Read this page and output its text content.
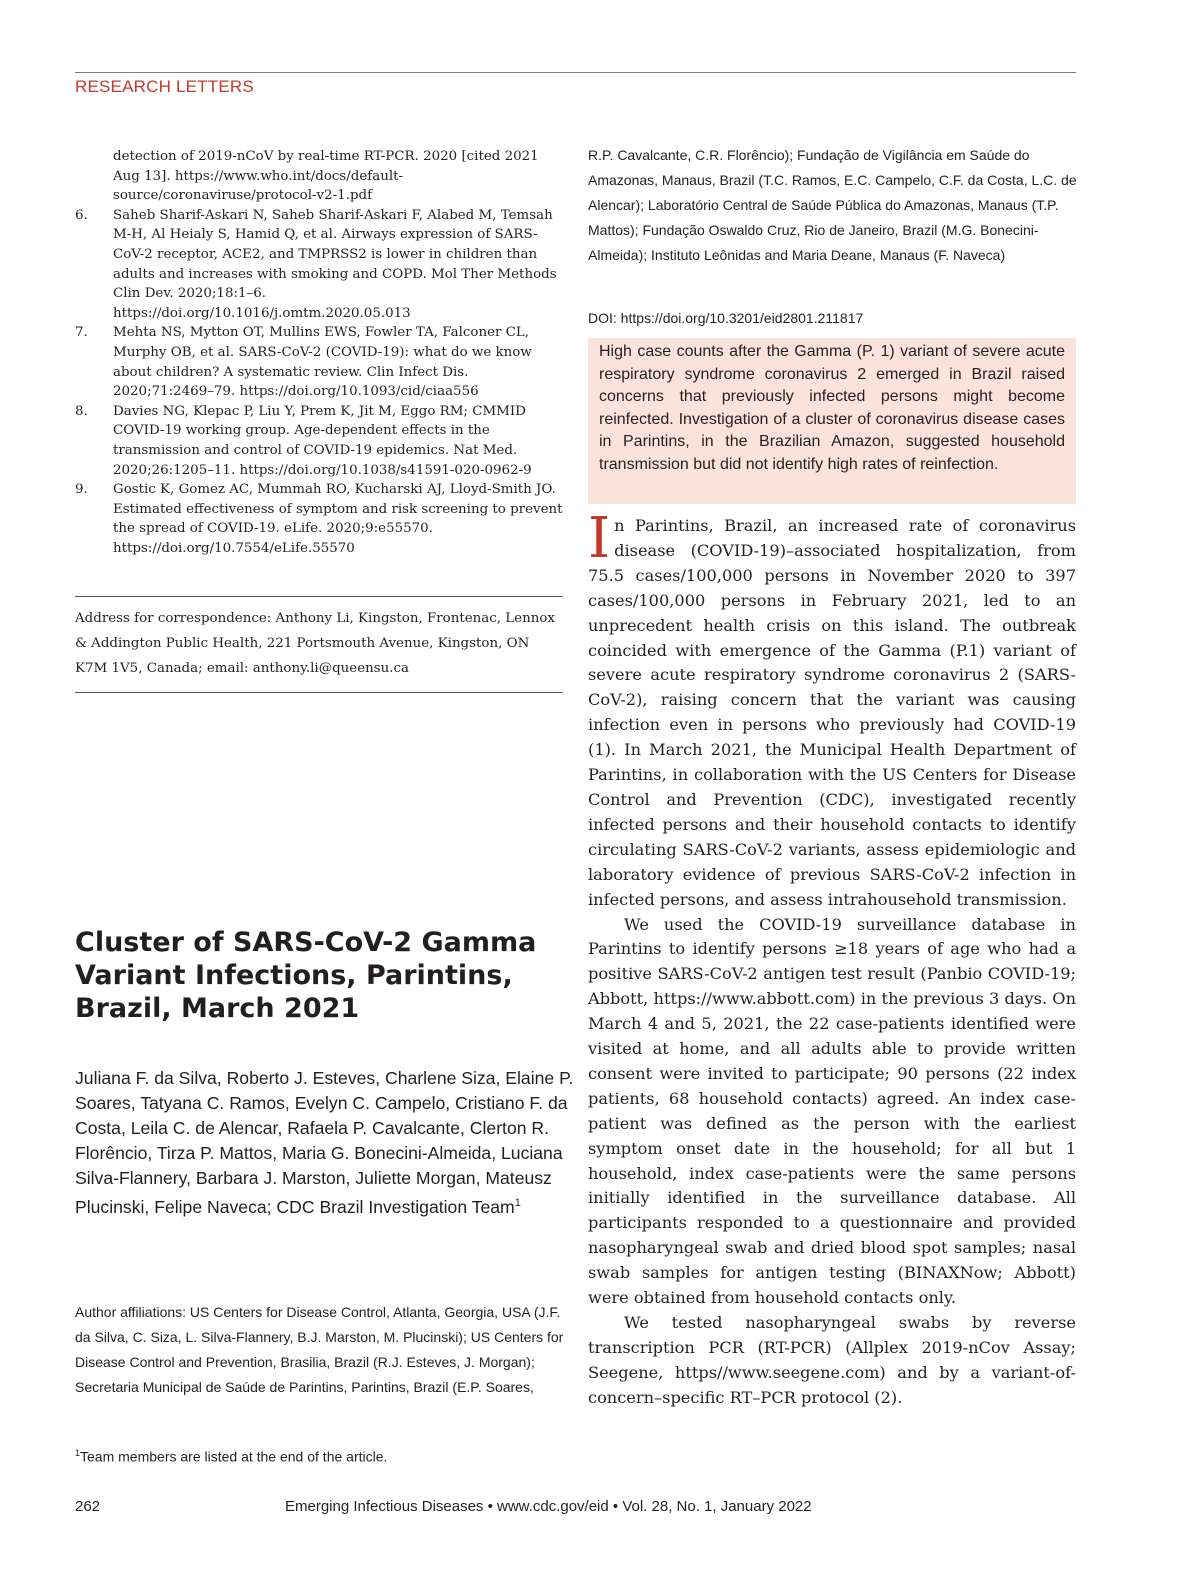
RESEARCH LETTERS
detection of 2019-nCoV by real-time RT-PCR. 2020 [cited 2021 Aug 13]. https://www.who.int/docs/default-source/coronaviruse/protocol-v2-1.pdf
6.	Saheb Sharif-Askari N, Saheb Sharif-Askari F, Alabed M, Temsah M-H, Al Heialy S, Hamid Q, et al. Airways expression of SARS-CoV-2 receptor, ACE2, and TMPRSS2 is lower in children than adults and increases with smoking and COPD. Mol Ther Methods Clin Dev. 2020;18:1–6. https://doi.org/10.1016/j.omtm.2020.05.013
7.	Mehta NS, Mytton OT, Mullins EWS, Fowler TA, Falconer CL, Murphy OB, et al. SARS-CoV-2 (COVID-19): what do we know about children? A systematic review. Clin Infect Dis. 2020;71:2469–79. https://doi.org/10.1093/cid/ciaa556
8.	Davies NG, Klepac P, Liu Y, Prem K, Jit M, Eggo RM; CMMID COVID-19 working group. Age-dependent effects in the transmission and control of COVID-19 epidemics. Nat Med. 2020;26:1205–11. https://doi.org/10.1038/s41591-020-0962-9
9.	Gostic K, Gomez AC, Mummah RO, Kucharski AJ, Lloyd-Smith JO. Estimated effectiveness of symptom and risk screening to prevent the spread of COVID-19. eLife. 2020;9:e55570. https://doi.org/10.7554/eLife.55570
Address for correspondence: Anthony Li, Kingston, Frontenac, Lennox & Addington Public Health, 221 Portsmouth Avenue, Kingston, ON K7M 1V5, Canada; email: anthony.li@queensu.ca
Cluster of SARS-CoV-2 Gamma Variant Infections, Parintins, Brazil, March 2021
Juliana F. da Silva, Roberto J. Esteves, Charlene Siza, Elaine P. Soares, Tatyana C. Ramos, Evelyn C. Campelo, Cristiano F. da Costa, Leila C. de Alencar, Rafaela P. Cavalcante, Clerton R. Florêncio, Tirza P. Mattos, Maria G. Bonecini-Almeida, Luciana Silva-Flannery, Barbara J. Marston, Juliette Morgan, Mateusz Plucinski, Felipe Naveca; CDC Brazil Investigation Team$^1$
Author affiliations: US Centers for Disease Control, Atlanta, Georgia, USA (J.F. da Silva, C. Siza, L. Silva-Flannery, B.J. Marston, M. Plucinski); US Centers for Disease Control and Prevention, Brasilia, Brazil (R.J. Esteves, J. Morgan); Secretaria Municipal de Saúde de Parintins, Parintins, Brazil (E.P. Soares,
$^1$Team members are listed at the end of the article.
R.P. Cavalcante, C.R. Florêncio); Fundação de Vigilância em Saúde do Amazonas, Manaus, Brazil (T.C. Ramos, E.C. Campelo, C.F. da Costa, L.C. de Alencar); Laboratório Central de Saúde Pública do Amazonas, Manaus (T.P. Mattos); Fundação Oswaldo Cruz, Rio de Janeiro, Brazil (M.G. Bonecini-Almeida); Instituto Leônidas and Maria Deane, Manaus (F. Naveca)
DOI: https://doi.org/10.3201/eid2801.211817
High case counts after the Gamma (P. 1) variant of severe acute respiratory syndrome coronavirus 2 emerged in Brazil raised concerns that previously infected persons might become reinfected. Investigation of a cluster of coronavirus disease cases in Parintins, in the Brazilian Amazon, suggested household transmission but did not identify high rates of reinfection.

In Parintins, Brazil, an increased rate of coronavirus disease (COVID-19)–associated hospitalization, from 75.5 cases/100,000 persons in November 2020 to 397 cases/100,000 persons in February 2021, led to an unprecedent health crisis on this island. The outbreak coincided with emergence of the Gamma (P.1) variant of severe acute respiratory syndrome coronavirus 2 (SARS-CoV-2), raising concern that the variant was causing infection even in persons who previously had COVID-19 (1). In March 2021, the Municipal Health Department of Parintins, in collaboration with the US Centers for Disease Control and Prevention (CDC), investigated recently infected persons and their household contacts to identify circulating SARS-CoV-2 variants, assess epidemiologic and laboratory evidence of previous SARS-CoV-2 infection in infected persons, and assess intrahousehold transmission.

We used the COVID-19 surveillance database in Parintins to identify persons ≥18 years of age who had a positive SARS-CoV-2 antigen test result (Panbio COVID-19; Abbott, https://www.abbott.com) in the previous 3 days. On March 4 and 5, 2021, the 22 case-patients identified were visited at home, and all adults able to provide written consent were invited to participate; 90 persons (22 index patients, 68 household contacts) agreed. An index case-patient was defined as the person with the earliest symptom onset date in the household; for all but 1 household, index case-patients were the same persons initially identified in the surveillance database. All participants responded to a questionnaire and provided nasopharyngeal swab and dried blood spot samples; nasal swab samples for antigen testing (BINAXNow; Abbott) were obtained from household contacts only.

We tested nasopharyngeal swabs by reverse transcription PCR (RT-PCR) (Allplex 2019-nCov Assay; Seegene, https//www.seegene.com) and by a variant-of-concern–specific RT–PCR protocol (2).

262	Emerging Infectious Diseases • www.cdc.gov/eid • Vol. 28, No. 1, January 2022
